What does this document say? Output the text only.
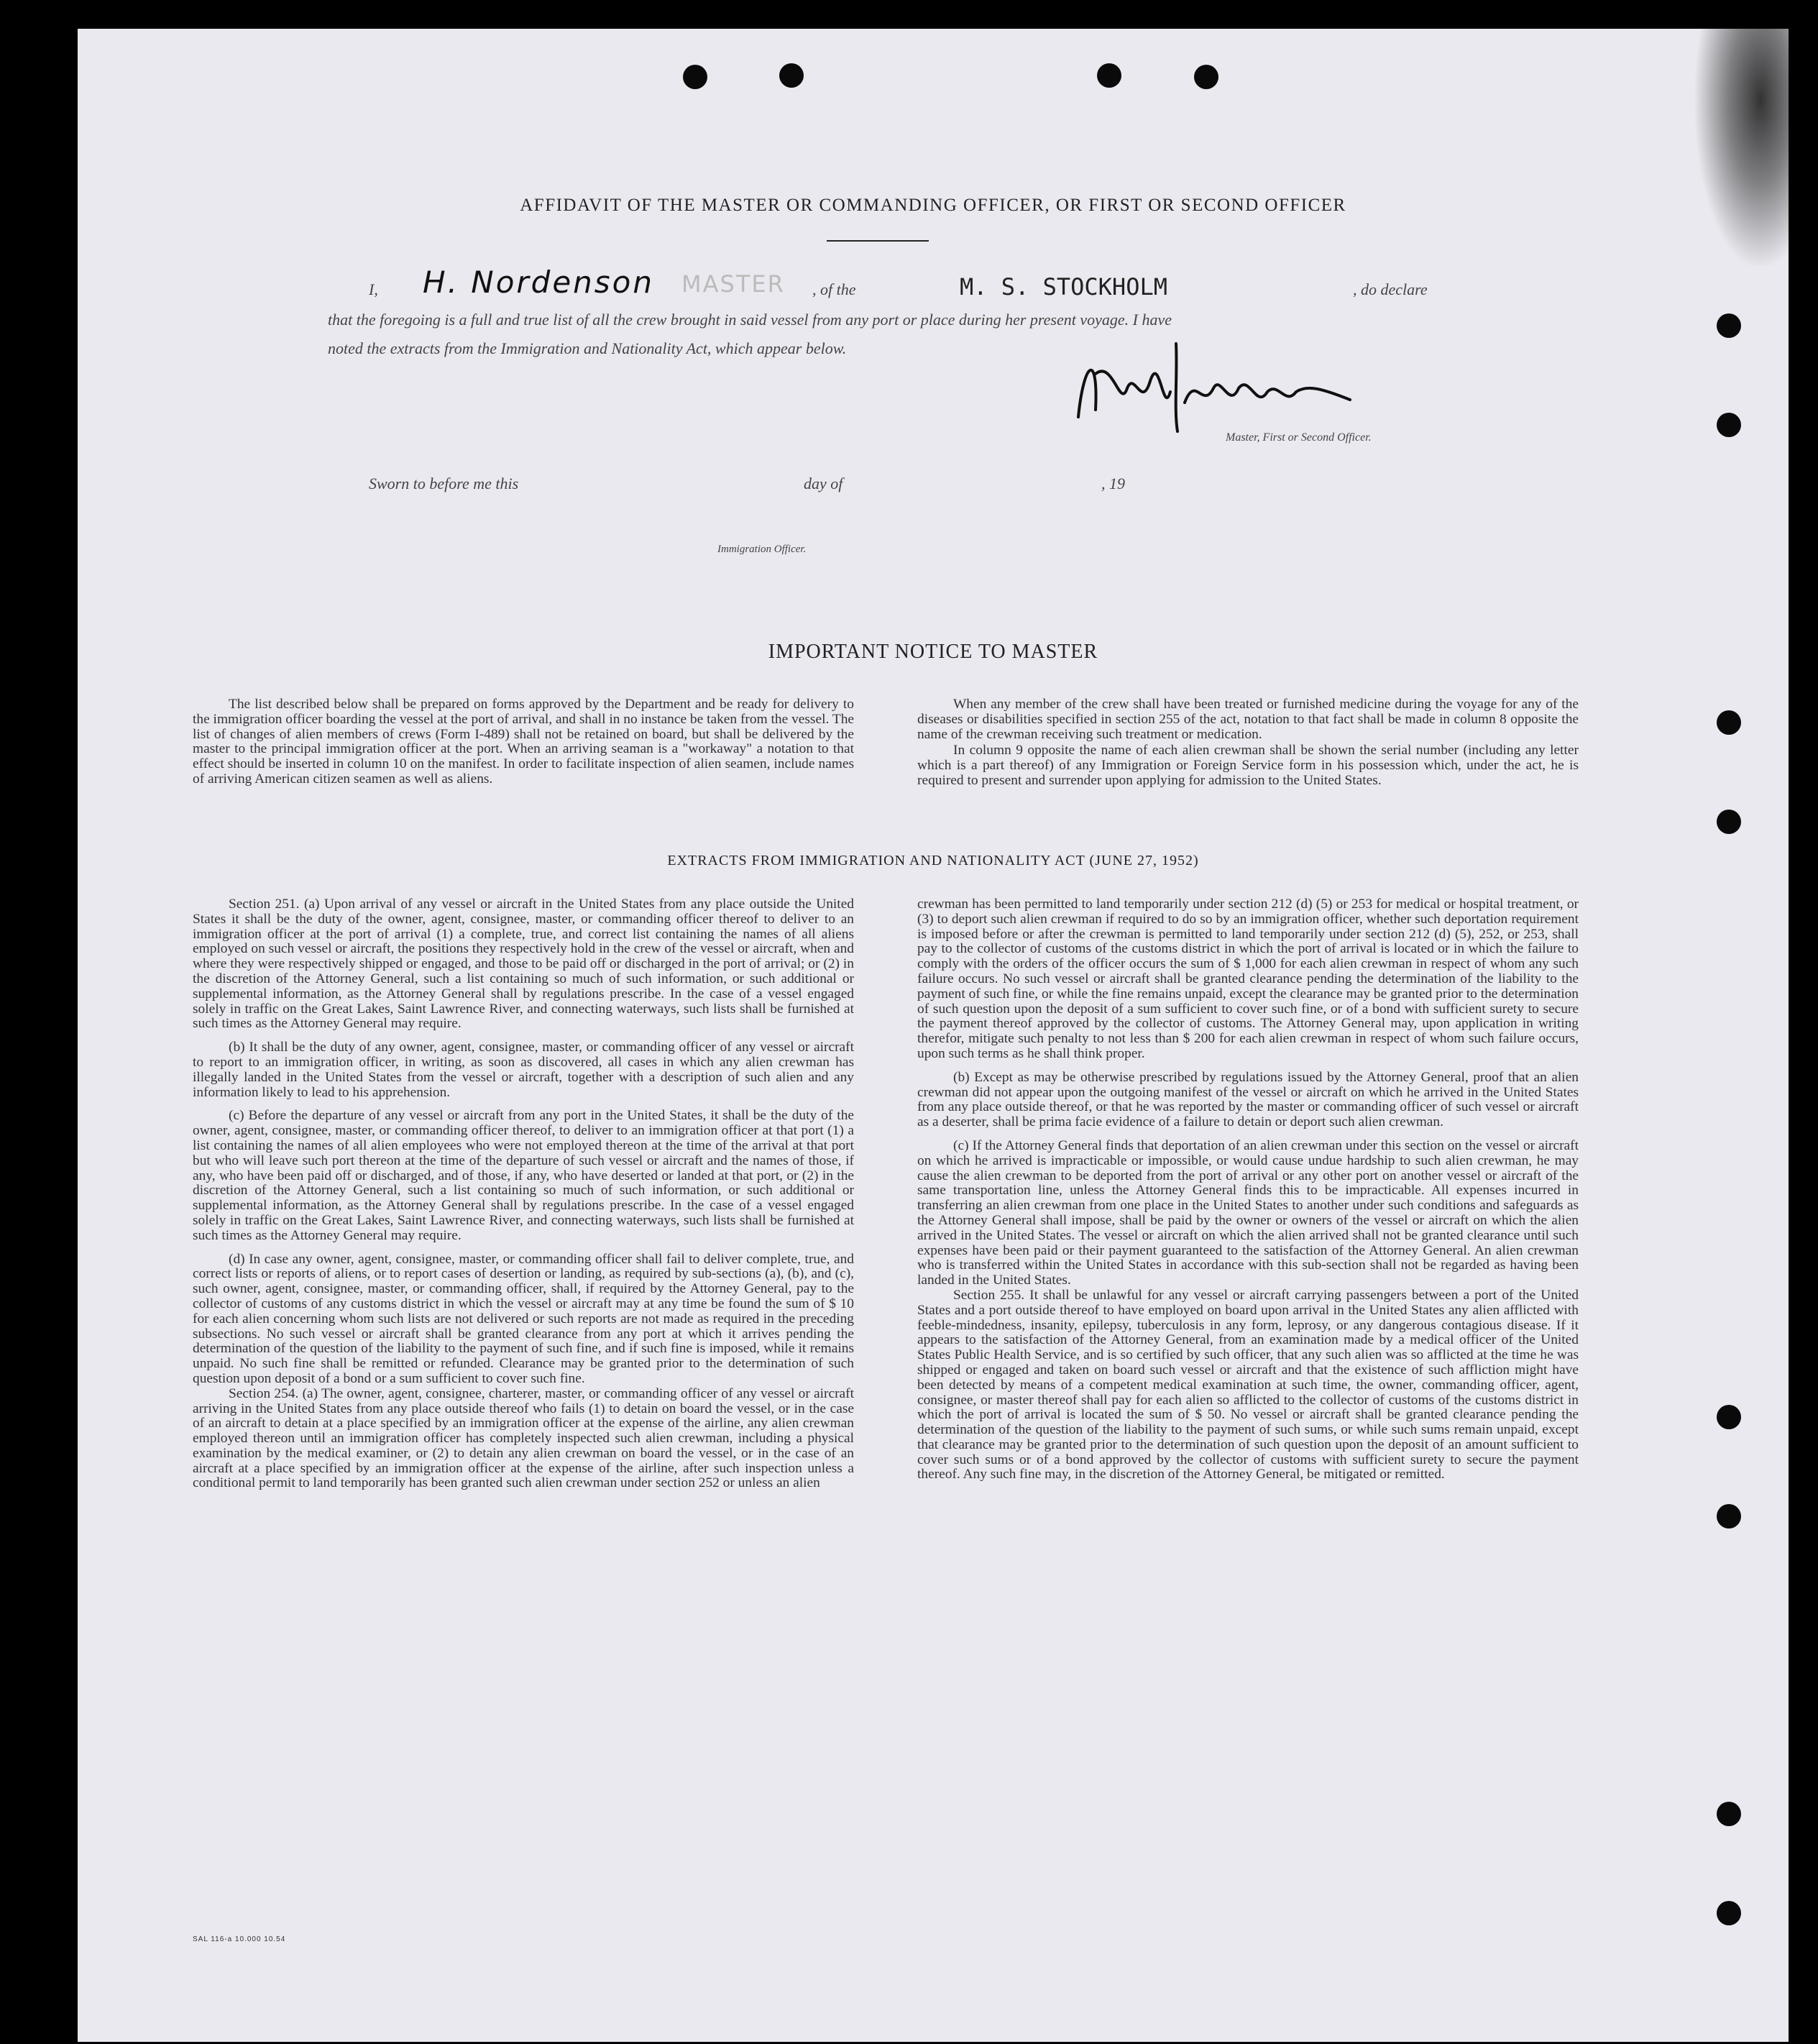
AFFIDAVIT OF THE MASTER OR COMMANDING OFFICER, OR FIRST OR SECOND OFFICER
I, H. Nordenson MASTER , of the	M. S. STOCKHOLM	, do declare
that the foregoing is a full and true list of all the crew brought in said vessel from any port or place during her present voyage. I have
noted the extracts from the Immigration and Nationality Act, which appear below.
Master, First or Second Officer.
Sworn to before me this	day of	, 19
Immigration Officer.
IMPORTANT NOTICE TO MASTER

The list described below shall be prepared on forms approved by the Department and be ready for delivery to the immigration officer boarding the vessel at the port of arrival, and shall in no instance be taken from the vessel. The list of changes of alien members of crews (Form I-489) shall not be retained on board, but shall be delivered by the master to the principal immigration officer at the port. When an arriving seaman is a "workaway" a notation to that effect should be inserted in column 10 on the manifest. In order to facilitate inspection of alien seamen, include names of arriving American citizen seamen as well as aliens.

When any member of the crew shall have been treated or furnished medicine during the voyage for any of the diseases or disabilities specified in section 255 of the act, notation to that fact shall be made in column 8 opposite the name of the crewman receiving such treatment or medication.

In column 9 opposite the name of each alien crewman shall be shown the serial number (including any letter which is a part thereof) of any Immigration or Foreign Service form in his possession which, under the act, he is required to present and surrender upon applying for admission to the United States.

EXTRACTS FROM IMMIGRATION AND NATIONALITY ACT (JUNE 27, 1952)

Section 251. (a) Upon arrival of any vessel or aircraft in the United States from any place outside the United States it shall be the duty of the owner, agent, consignee, master, or commanding officer thereof to deliver to an immigration officer at the port of arrival (1) a complete, true, and correct list containing the names of all aliens employed on such vessel or aircraft, the positions they respectively hold in the crew of the vessel or aircraft, when and where they were respectively shipped or engaged, and those to be paid off or discharged in the port of arrival; or (2) in the discretion of the Attorney General, such a list containing so much of such information, or such additional or supplemental information, as the Attorney General shall by regulations prescribe. In the case of a vessel engaged solely in traffic on the Great Lakes, Saint Lawrence River, and connecting waterways, such lists shall be furnished at such times as the Attorney General may require.

(b) It shall be the duty of any owner, agent, consignee, master, or commanding officer of any vessel or aircraft to report to an immigration officer, in writing, as soon as discovered, all cases in which any alien crewman has illegally landed in the United States from the vessel or aircraft, together with a description of such alien and any information likely to lead to his apprehension.

(c) Before the departure of any vessel or aircraft from any port in the United States, it shall be the duty of the owner, agent, consignee, master, or commanding officer thereof, to deliver to an immigration officer at that port (1) a list containing the names of all alien employees who were not employed thereon at the time of the arrival at that port but who will leave such port thereon at the time of the departure of such vessel or aircraft and the names of those, if any, who have been paid off or discharged, and of those, if any, who have deserted or landed at that port, or (2) in the discretion of the Attorney General, such a list containing so much of such information, or such additional or supplemental information, as the Attorney General shall by regulations prescribe. In the case of a vessel engaged solely in traffic on the Great Lakes, Saint Lawrence River, and connecting waterways, such lists shall be furnished at such times as the Attorney General may require.

(d) In case any owner, agent, consignee, master, or commanding officer shall fail to deliver complete, true, and correct lists or reports of aliens, or to report cases of desertion or landing, as required by sub-sections (a), (b), and (c), such owner, agent, consignee, master, or commanding officer, shall, if required by the Attorney General, pay to the collector of customs of any customs district in which the vessel or aircraft may at any time be found the sum of $ 10 for each alien concerning whom such lists are not delivered or such reports are not made as required in the preceding subsections. No such vessel or aircraft shall be granted clearance from any port at which it arrives pending the determination of the question of the liability to the payment of such fine, and if such fine is imposed, while it remains unpaid. No such fine shall be remitted or refunded. Clearance may be granted prior to the determination of such question upon deposit of a bond or a sum sufficient to cover such fine.

Section 254. (a) The owner, agent, consignee, charterer, master, or commanding officer of any vessel or aircraft arriving in the United States from any place outside thereof who fails (1) to detain on board the vessel, or in the case of an aircraft to detain at a place specified by an immigration officer at the expense of the airline, any alien crewman employed thereon until an immigration officer has completely inspected such alien crewman, including a physical examination by the medical examiner, or (2) to detain any alien crewman on board the vessel, or in the case of an aircraft at a place specified by an immigration officer at the expense of the airline, after such inspection unless a conditional permit to land temporarily has been granted such alien crewman under section 252 or unless an alien

crewman has been permitted to land temporarily under section 212 (d) (5) or 253 for medical or hospital treatment, or (3) to deport such alien crewman if required to do so by an immigration officer, whether such deportation requirement is imposed before or after the crewman is permitted to land temporarily under section 212 (d) (5), 252, or 253, shall pay to the collector of customs of the customs district in which the port of arrival is located or in which the failure to comply with the orders of the officer occurs the sum of $ 1,000 for each alien crewman in respect of whom any such failure occurs. No such vessel or aircraft shall be granted clearance pending the determination of the liability to the payment of such fine, or while the fine remains unpaid, except the clearance may be granted prior to the determination of such question upon the deposit of a sum sufficient to cover such fine, or of a bond with sufficient surety to secure the payment thereof approved by the collector of customs. The Attorney General may, upon application in writing therefor, mitigate such penalty to not less than $ 200 for each alien crewman in respect of whom such failure occurs, upon such terms as he shall think proper.

(b) Except as may be otherwise prescribed by regulations issued by the Attorney General, proof that an alien crewman did not appear upon the outgoing manifest of the vessel or aircraft on which he arrived in the United States from any place outside thereof, or that he was reported by the master or commanding officer of such vessel or aircraft as a deserter, shall be prima facie evidence of a failure to detain or deport such alien crewman.

(c) If the Attorney General finds that deportation of an alien crewman under this section on the vessel or aircraft on which he arrived is impracticable or impossible, or would cause undue hardship to such alien crewman, he may cause the alien crewman to be deported from the port of arrival or any other port on another vessel or aircraft of the same transportation line, unless the Attorney General finds this to be impracticable. All expenses incurred in transferring an alien crewman from one place in the United States to another under such conditions and safeguards as the Attorney General shall impose, shall be paid by the owner or owners of the vessel or aircraft on which the alien arrived in the United States. The vessel or aircraft on which the alien arrived shall not be granted clearance until such expenses have been paid or their payment guaranteed to the satisfaction of the Attorney General. An alien crewman who is transferred within the United States in accordance with this sub-section shall not be regarded as having been landed in the United States.

Section 255. It shall be unlawful for any vessel or aircraft carrying passengers between a port of the United States and a port outside thereof to have employed on board upon arrival in the United States any alien afflicted with feeble-mindedness, insanity, epilepsy, tuberculosis in any form, leprosy, or any dangerous contagious disease. If it appears to the satisfaction of the Attorney General, from an examination made by a medical officer of the United States Public Health Service, and is so certified by such officer, that any such alien was so afflicted at the time he was shipped or engaged and taken on board such vessel or aircraft and that the existence of such affliction might have been detected by means of a competent medical examination at such time, the owner, commanding officer, agent, consignee, or master thereof shall pay for each alien so afflicted to the collector of customs of the customs district in which the port of arrival is located the sum of $ 50. No vessel or aircraft shall be granted clearance pending the determination of the question of the liability to the payment of such sums, or while such sums remain unpaid, except that clearance may be granted prior to the determination of such question upon the deposit of an amount sufficient to cover such sums or of a bond approved by the collector of customs with sufficient surety to secure the payment thereof. Any such fine may, in the discretion of the Attorney General, be mitigated or remitted.

SAL 116-a 10.000 10.54
